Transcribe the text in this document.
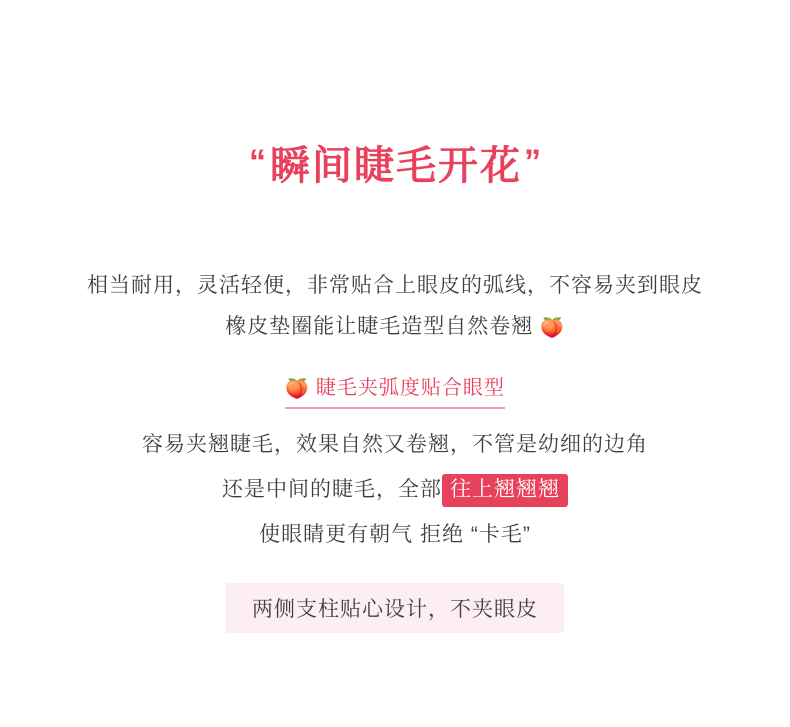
“ 瞬间睫毛开花”

相当耐用，灵活轻便，非常贴合上眼皮的弧线，不容易夹到眼皮

橡皮垫圈能让睫毛造型自然卷翘 🍑

🍑 睫毛夹弧度贴合眼型

容易夹翘睫毛，效果自然又卷翘，不管是幼细的边角

还是中间的睫毛，全部 往上翘翘翘

使眼睛更有朝气 拒绝 “卡毛”

两侧支柱贴心设计，不夹眼皮
